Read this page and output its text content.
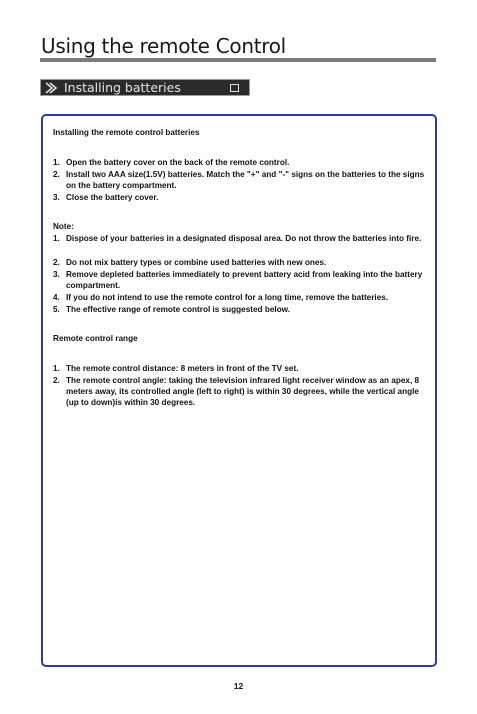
Using the remote Control
Installing batteries
Installing the remote control batteries
1. Open the battery cover on the back of the remote control.
2. Install two AAA size(1.5V) batteries. Match the "+" and "-" signs on the batteries to the signs on the battery compartment.
3. Close the battery cover.
Note:
1. Dispose of your batteries in a designated disposal area. Do not throw the batteries into fire.
2. Do not mix battery types or combine used batteries with new ones.
3. Remove depleted batteries immediately to prevent battery acid from leaking into the battery compartment.
4. If you do not intend to use the remote control for a long time, remove the batteries.
5. The effective range of remote control is suggested below.
Remote control range
1. The remote control distance: 8 meters in front of the TV set.
2. The remote control angle: taking the television infrared light receiver window as an apex, 8 meters away, its controlled angle (left to right) is within 30 degrees, while the vertical angle (up to down)is within 30 degrees.
12
